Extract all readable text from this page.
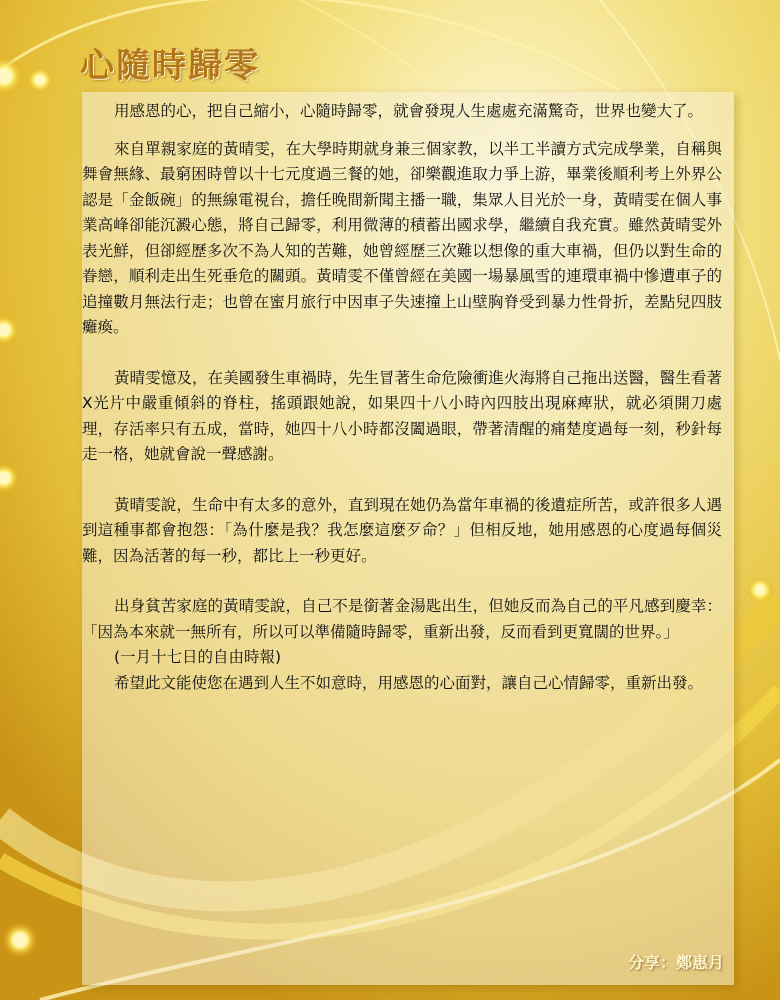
心隨時歸零

用感恩的心，把自己縮小，心隨時歸零，就會發現人生處處充滿驚奇，世界也變大了。

來自單親家庭的黃晴雯，在大學時期就身兼三個家教，以半工半讀方式完成學業，自稱與舞會無緣、最窮困時曾以十七元度過三餐的她，卻樂觀進取力爭上游，畢業後順利考上外界公認是「金飯碗」的無線電視台，擔任晚間新聞主播一職，集眾人目光於一身，黃晴雯在個人事業高峰卻能沉澱心態，將自己歸零，利用微薄的積蓄出國求學，繼續自我充實。雖然黃晴雯外表光鮮，但卻經歷多次不為人知的苦難，她曾經歷三次難以想像的重大車禍，但仍以對生命的眷戀，順利走出生死垂危的關頭。黃晴雯不僅曾經在美國一場暴風雪的連環車禍中慘遭車子的追撞數月無法行走；也曾在蜜月旅行中因車子失速撞上山壁胸脊受到暴力性骨折，差點兒四肢癱瘓。

黃晴雯憶及，在美國發生車禍時，先生冒著生命危險衝進火海將自己拖出送醫，醫生看著 X光片中嚴重傾斜的脊柱，搖頭跟她說，如果四十八小時內四肢出現麻痺狀，就必須開刀處理，存活率只有五成，當時，她四十八小時都沒闔過眼，帶著清醒的痛楚度過每一刻，秒針每走一格，她就會說一聲感謝。

黃晴雯說，生命中有太多的意外，直到現在她仍為當年車禍的後遺症所苦，或許很多人遇到這種事都會抱怨：「為什麼是我？我怎麼這麼歹命？」但相反地，她用感恩的心度過每個災難，因為活著的每一秒，都比上一秒更好。

出身貧苦家庭的黃晴雯說，自己不是銜著金湯匙出生，但她反而為自己的平凡感到慶幸：「因為本來就一無所有，所以可以準備隨時歸零，重新出發，反而看到更寬闊的世界。」

(一月十七日的自由時報)

希望此文能使您在遇到人生不如意時，用感恩的心面對，讓自己心情歸零，重新出發。

分享：鄭惠月
